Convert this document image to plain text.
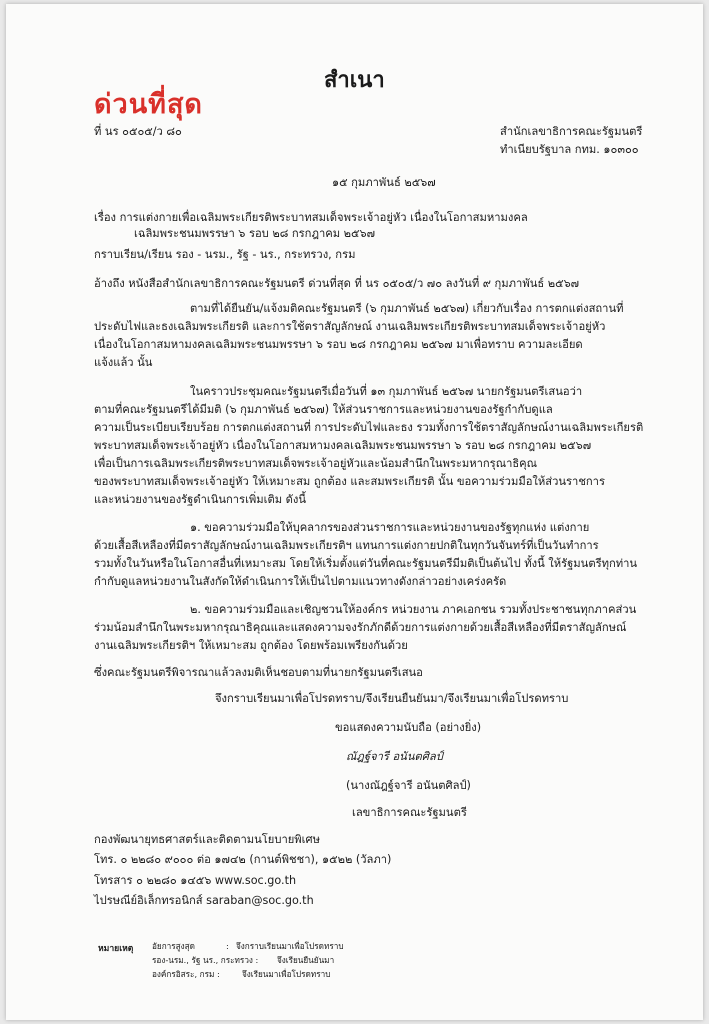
สำเนา
ด่วนที่สุด
ที่ นร ๐๕๐๕/ว ๘๐	สำนักเลขาธิการคณะรัฐมนตรี
ทำเนียบรัฐบาล กทม. ๑๐๓๐๐
๑๕ กุมภาพันธ์ ๒๕๖๗
เรื่อง การแต่งกายเพื่อเฉลิมพระเกียรติพระบาทสมเด็จพระเจ้าอยู่หัว เนื่องในโอกาสมหามงคล
เฉลิมพระชนมพรรษา ๖ รอบ ๒๘ กรกฎาคม ๒๕๖๗
กราบเรียน/เรียน รอง - นรม., รัฐ - นร., กระทรวง, กรม
อ้างถึง หนังสือสำนักเลขาธิการคณะรัฐมนตรี ด่วนที่สุด ที่ นร ๐๕๐๕/ว ๗๐ ลงวันที่ ๙ กุมภาพันธ์ ๒๕๖๗
ตามที่ได้ยืนยัน/แจ้งมติคณะรัฐมนตรี (๖ กุมภาพันธ์ ๒๕๖๗) เกี่ยวกับเรื่อง การตกแต่งสถานที่
ประดับไฟและธงเฉลิมพระเกียรติ และการใช้ตราสัญลักษณ์ งานเฉลิมพระเกียรติพระบาทสมเด็จพระเจ้าอยู่หัว
เนื่องในโอกาสมหามงคลเฉลิมพระชนมพรรษา ๖ รอบ ๒๘ กรกฎาคม ๒๕๖๗ มาเพื่อทราบ ความละเอียด
แจ้งแล้ว นั้น
ในคราวประชุมคณะรัฐมนตรีเมื่อวันที่ ๑๓ กุมภาพันธ์ ๒๕๖๗ นายกรัฐมนตรีเสนอว่า
ตามที่คณะรัฐมนตรีได้มีมติ (๖ กุมภาพันธ์ ๒๕๖๗) ให้ส่วนราชการและหน่วยงานของรัฐกำกับดูแล
ความเป็นระเบียบเรียบร้อย การตกแต่งสถานที่ การประดับไฟและธง รวมทั้งการใช้ตราสัญลักษณ์งานเฉลิมพระเกียรติ
พระบาทสมเด็จพระเจ้าอยู่หัว เนื่องในโอกาสมหามงคลเฉลิมพระชนมพรรษา ๖ รอบ ๒๘ กรกฎาคม ๒๕๖๗
เพื่อเป็นการเฉลิมพระเกียรติพระบาทสมเด็จพระเจ้าอยู่หัวและน้อมสำนึกในพระมหากรุณาธิคุณ
ของพระบาทสมเด็จพระเจ้าอยู่หัว ให้เหมาะสม ถูกต้อง และสมพระเกียรติ นั้น ขอความร่วมมือให้ส่วนราชการ
และหน่วยงานของรัฐดำเนินการเพิ่มเติม ดังนี้
๑. ขอความร่วมมือให้บุคลากรของส่วนราชการและหน่วยงานของรัฐทุกแห่ง แต่งกาย
ด้วยเสื้อสีเหลืองที่มีตราสัญลักษณ์งานเฉลิมพระเกียรติฯ แทนการแต่งกายปกติในทุกวันจันทร์ที่เป็นวันทำการ
รวมทั้งในวันหรือในโอกาสอื่นที่เหมาะสม โดยให้เริ่มตั้งแต่วันที่คณะรัฐมนตรีมีมติเป็นต้นไป ทั้งนี้ ให้รัฐมนตรีทุกท่าน
กำกับดูแลหน่วยงานในสังกัดให้ดำเนินการให้เป็นไปตามแนวทางดังกล่าวอย่างเคร่งครัด
๒. ขอความร่วมมือและเชิญชวนให้องค์กร หน่วยงาน ภาคเอกชน รวมทั้งประชาชนทุกภาคส่วน
ร่วมน้อมสำนึกในพระมหากรุณาธิคุณและแสดงความจงรักภักดีด้วยการแต่งกายด้วยเสื้อสีเหลืองที่มีตราสัญลักษณ์
งานเฉลิมพระเกียรติฯ ให้เหมาะสม ถูกต้อง โดยพร้อมเพรียงกันด้วย
ซึ่งคณะรัฐมนตรีพิจารณาแล้วลงมติเห็นชอบตามที่นายกรัฐมนตรีเสนอ
จึงกราบเรียนมาเพื่อโปรดทราบ/จึงเรียนยืนยันมา/จึงเรียนมาเพื่อโปรดทราบ
ขอแสดงความนับถือ (อย่างยิ่ง)
ณัฎฐ์จารี อนันตศิลป์
(นางณัฎฐ์จารี อนันตศิลป์)
เลขาธิการคณะรัฐมนตรี
กองพัฒนายุทธศาสตร์และติดตามนโยบายพิเศษ
โทร. ๐ ๒๒๘๐ ๙๐๐๐ ต่อ ๑๗๔๒ (กานต์พิชชา), ๑๕๒๒ (วัลภา)
โทรสาร ๐ ๒๒๘๐ ๑๔๕๖ www.soc.go.th
ไปรษณีย์อิเล็กทรอนิกส์ saraban@soc.go.th
หมายเหตุ อัยการสูงสุด	: จึงกราบเรียนมาเพื่อโปรดทราบ
รอง-นรม., รัฐ นร., กระทรวง : จึงเรียนยืนยันมา
องค์กรอิสระ, กรม :	จึงเรียนมาเพื่อโปรดทราบ
